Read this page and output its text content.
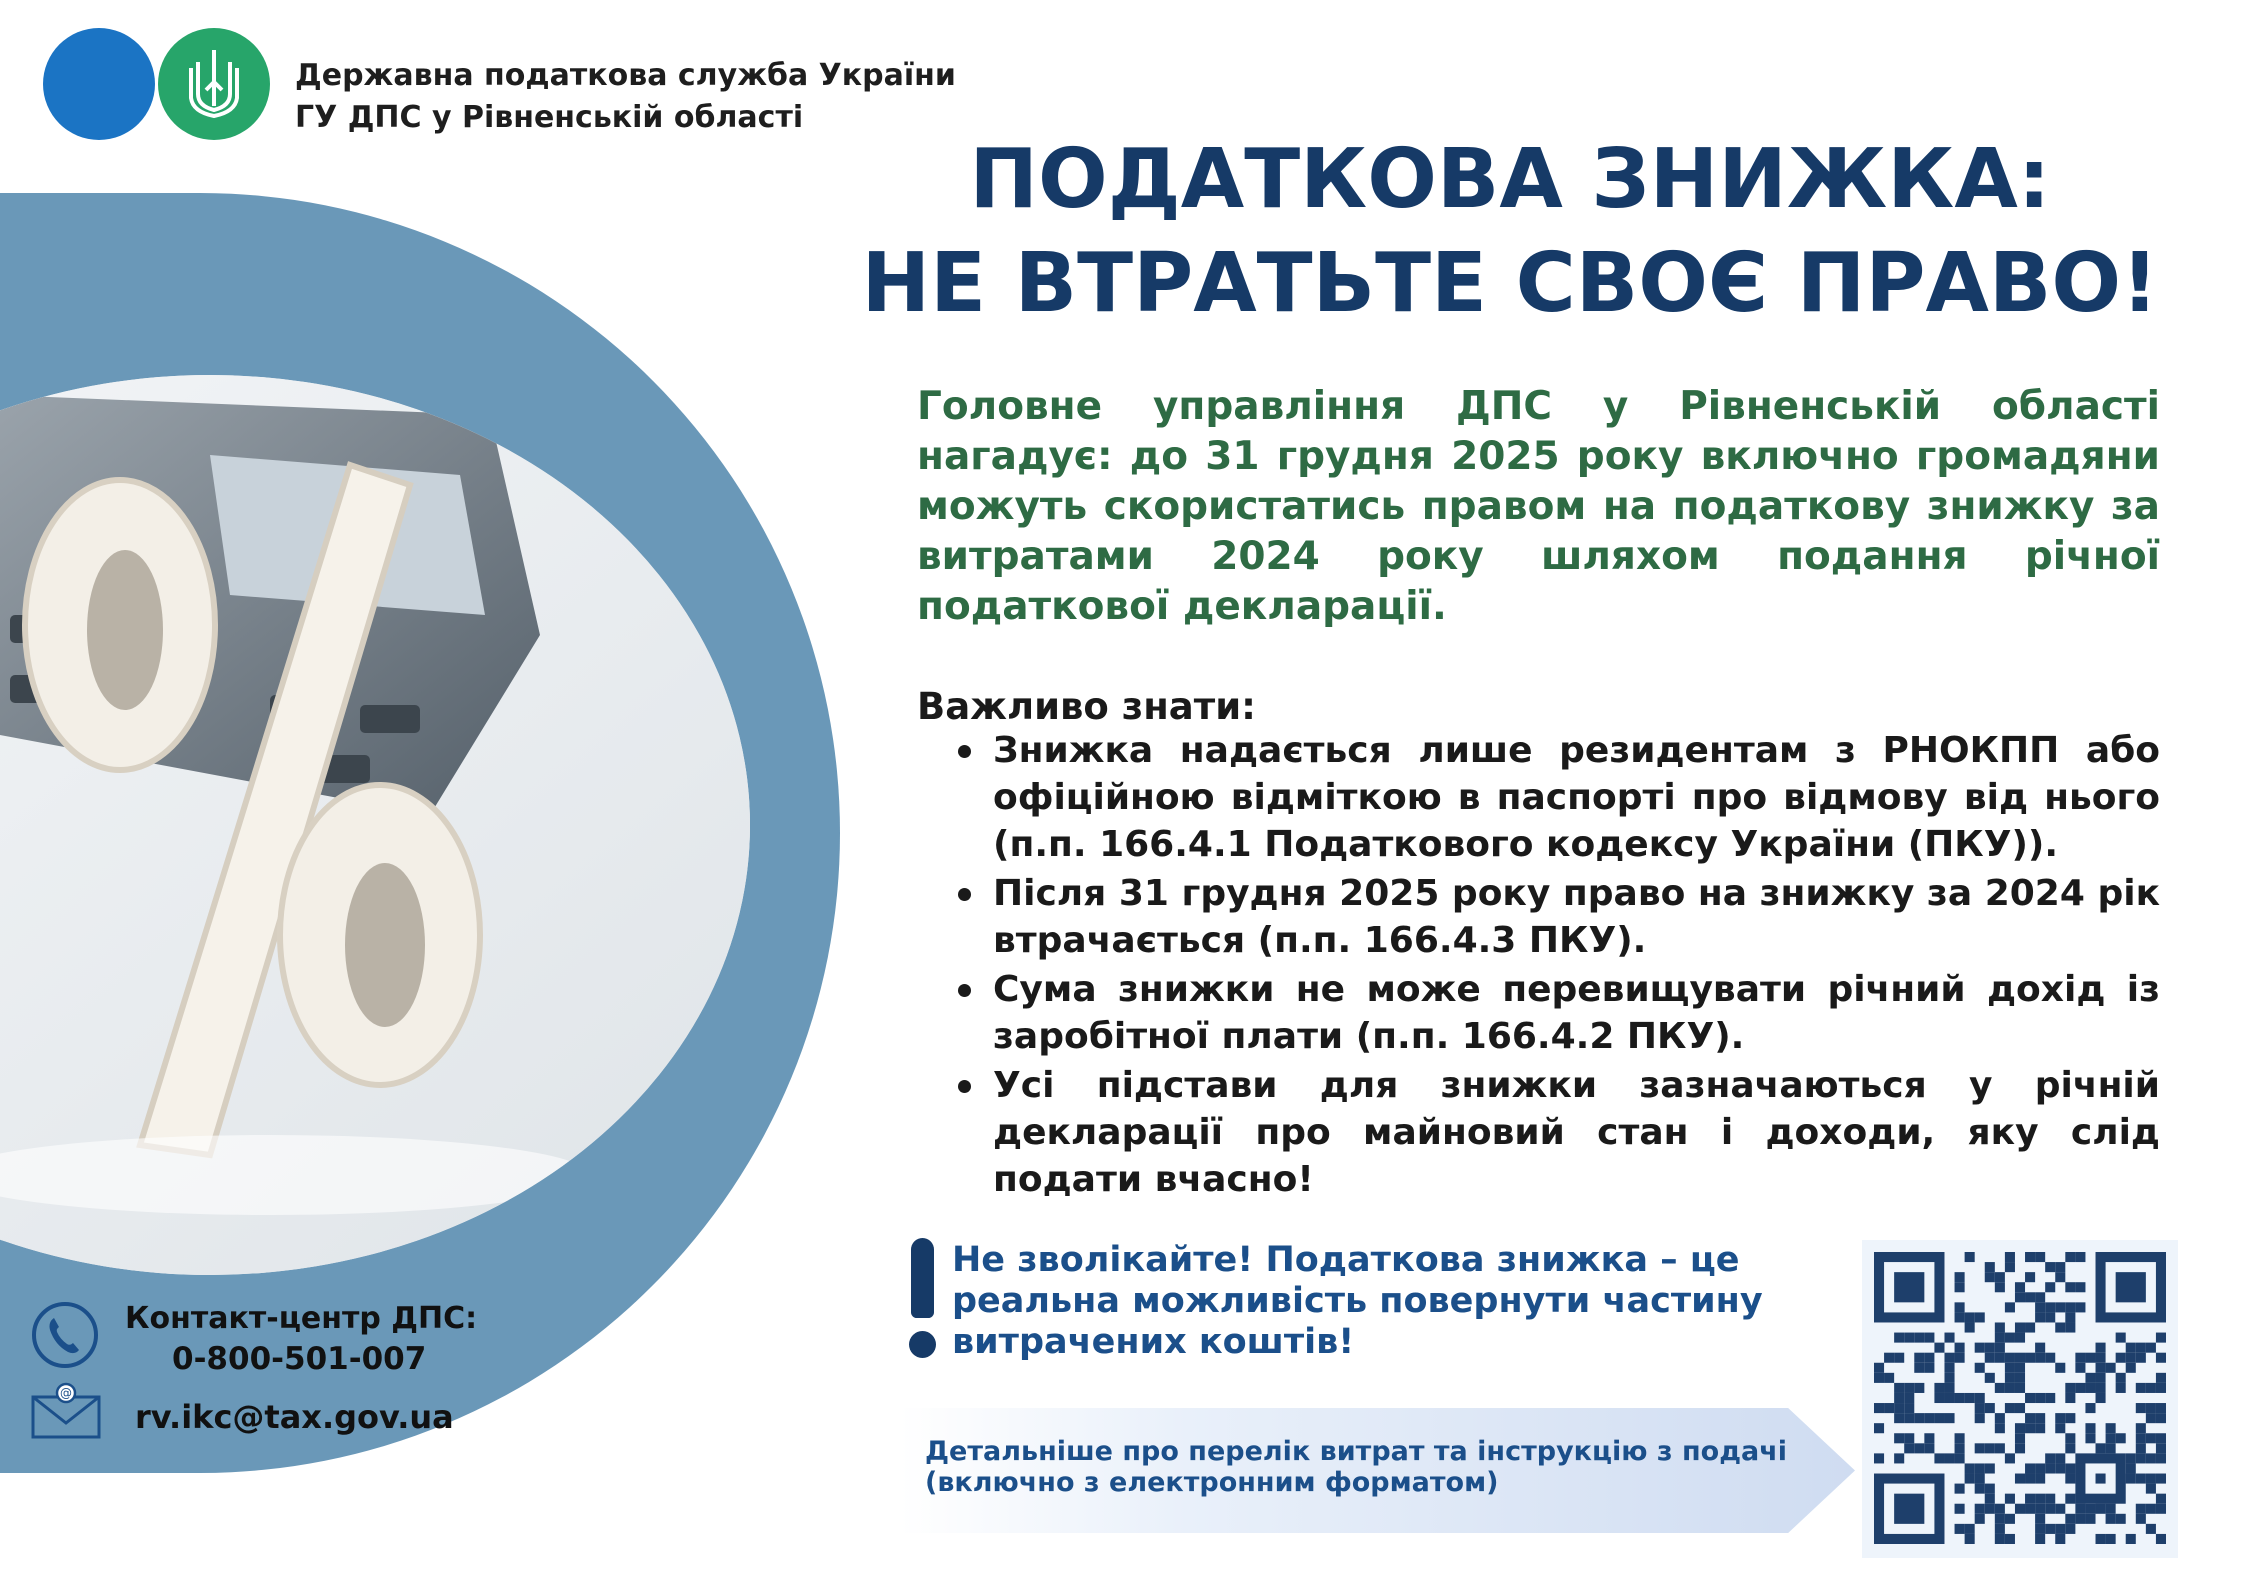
Державна податкова служба України
ГУ ДПС у Рівненській області
ПОДАТКОВА ЗНИЖКА:
НЕ ВТРАТЬТЕ СВОЄ ПРАВО!
Головне управління ДПС у Рівненській області нагадує: до 31 грудня 2025 року включно громадяни можуть скористатись правом на податкову знижку за витратами 2024 року шляхом подання річної податкової декларації.
Важливо знати:
Знижка надається лише резидентам з РНОКПП або офіційною відміткою в паспорті про відмову від нього (п.п. 166.4.1 Податкового кодексу України (ПКУ)).
Після 31 грудня 2025 року право на знижку за 2024 рік втрачається (п.п. 166.4.3 ПКУ).
Сума знижки не може перевищувати річний дохід із заробітної плати (п.п. 166.4.2 ПКУ).
Усі підстави для знижки зазначаються у річній декларації про майновий стан і доходи, яку слід подати вчасно!
Не зволікайте! Податкова знижка – це реальна можливість повернути частину витрачених коштів!
Детальніше про перелік витрат та інструкцію з подачі
(включно з електронним форматом)
Контакт-центр ДПС:
0-800-501-007
@
rv.ikc@tax.gov.ua
